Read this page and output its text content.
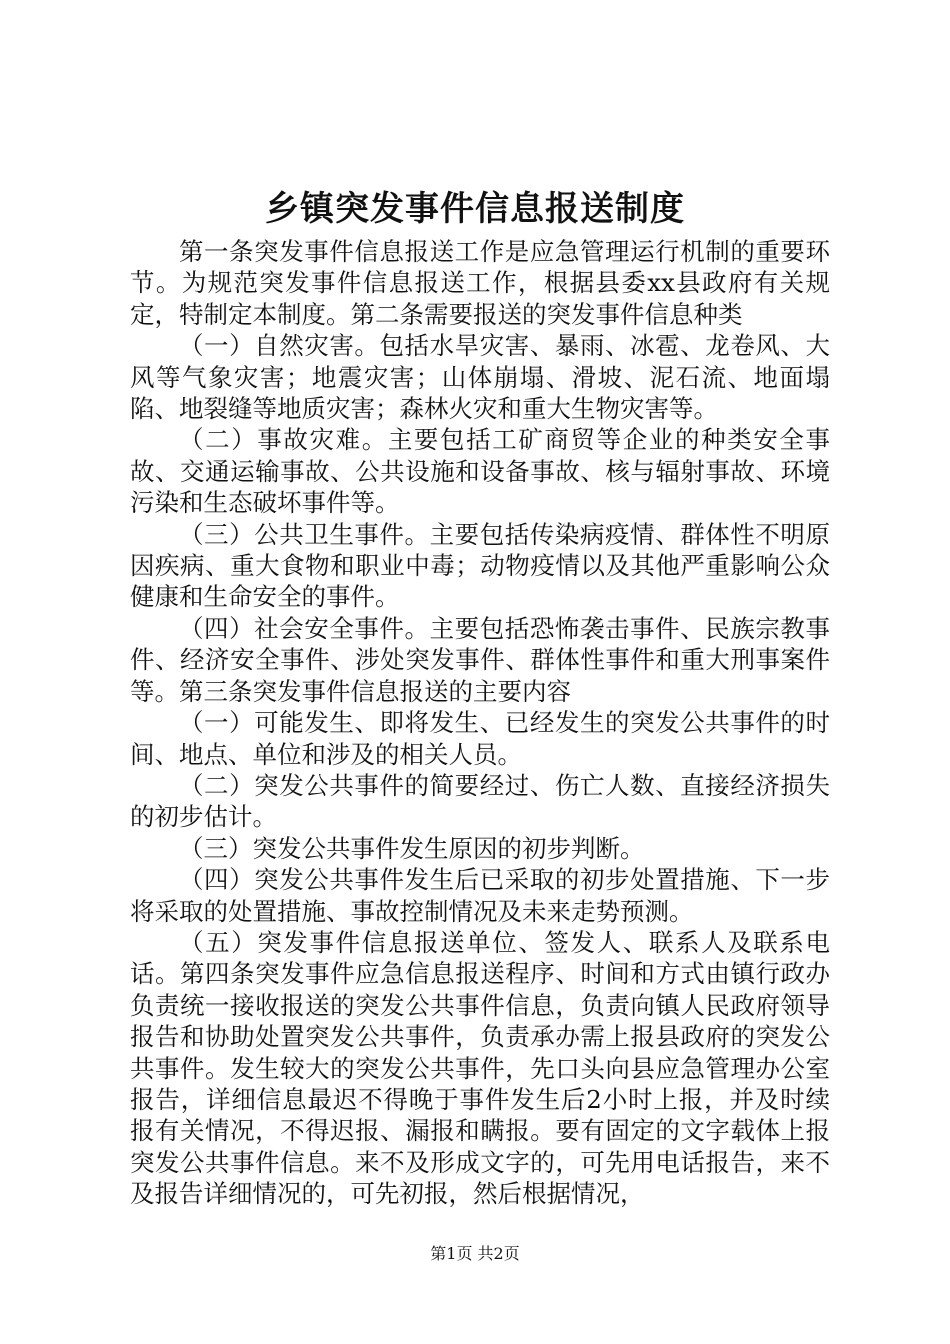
乡镇突发事件信息报送制度

第一条突发事件信息报送工作是应急管理运行机制的重要环节。为规范突发事件信息报送工作，根据县委xx县政府有关规定，特制定本制度。第二条需要报送的突发事件信息种类

（一）自然灾害。包括水旱灾害、暴雨、冰雹、龙卷风、大风等气象灾害；地震灾害；山体崩塌、滑坡、泥石流、地面塌陷、地裂缝等地质灾害；森林火灾和重大生物灾害等。

（二）事故灾难。主要包括工矿商贸等企业的种类安全事故、交通运输事故、公共设施和设备事故、核与辐射事故、环境污染和生态破坏事件等。

（三）公共卫生事件。主要包括传染病疫情、群体性不明原因疾病、重大食物和职业中毒；动物疫情以及其他严重影响公众健康和生命安全的事件。

（四）社会安全事件。主要包括恐怖袭击事件、民族宗教事件、经济安全事件、涉处突发事件、群体性事件和重大刑事案件等。第三条突发事件信息报送的主要内容

（一）可能发生、即将发生、已经发生的突发公共事件的时间、地点、单位和涉及的相关人员。

（二）突发公共事件的简要经过、伤亡人数、直接经济损失的初步估计。

（三）突发公共事件发生原因的初步判断。

（四）突发公共事件发生后已采取的初步处置措施、下一步将采取的处置措施、事故控制情况及未来走势预测。

（五）突发事件信息报送单位、签发人、联系人及联系电话。第四条突发事件应急信息报送程序、时间和方式由镇行政办负责统一接收报送的突发公共事件信息，负责向镇人民政府领导报告和协助处置突发公共事件，负责承办需上报县政府的突发公共事件。发生较大的突发公共事件，先口头向县应急管理办公室报告，详细信息最迟不得晚于事件发生后2小时上报，并及时续报有关情况，不得迟报、漏报和瞒报。要有固定的文字载体上报突发公共事件信息。来不及形成文字的，可先用电话报告，来不及报告详细情况的，可先初报，然后根据情况，

第1页 共2页
